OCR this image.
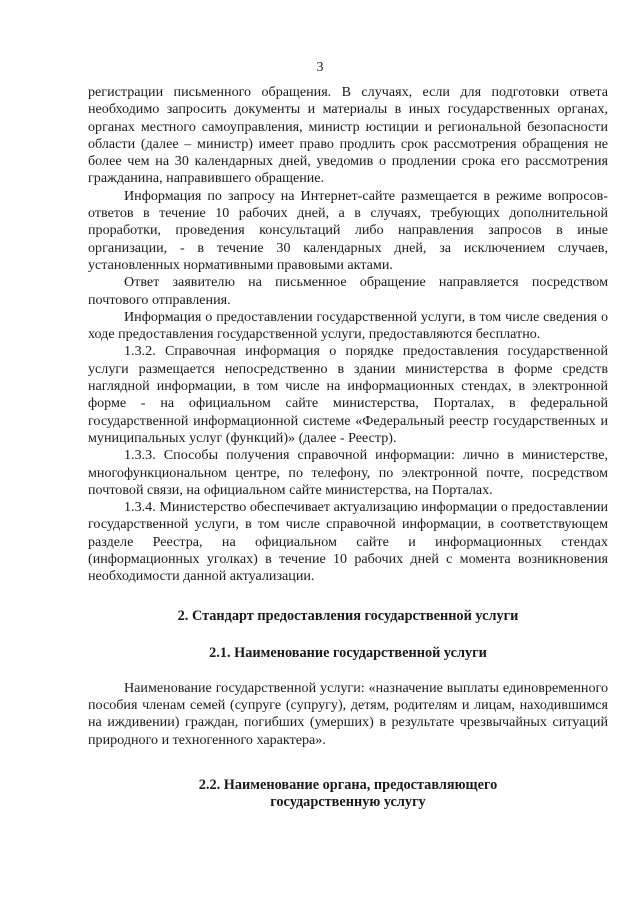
3

регистрации письменного обращения. В случаях, если для подготовки ответа необходимо запросить документы и материалы в иных государственных органах, органах местного самоуправления, министр юстиции и региональной безопасности области (далее – министр) имеет право продлить срок рассмотрения обращения не более чем на 30 календарных дней, уведомив о продлении срока его рассмотрения гражданина, направившего обращение.

Информация по запросу на Интернет-сайте размещается в режиме вопросов-ответов в течение 10 рабочих дней, а в случаях, требующих дополнительной проработки, проведения консультаций либо направления запросов в иные организации, - в течение 30 календарных дней, за исключением случаев, установленных нормативными правовыми актами.

Ответ заявителю на письменное обращение направляется посредством почтового отправления.

Информация о предоставлении государственной услуги, в том числе сведения о ходе предоставления государственной услуги, предоставляются бесплатно.

1.3.2. Справочная информация о порядке предоставления государственной услуги размещается непосредственно в здании министерства в форме средств наглядной информации, в том числе на информационных стендах, в электронной форме - на официальном сайте министерства, Порталах, в федеральной государственной информационной системе «Федеральный реестр государственных и муниципальных услуг (функций)» (далее - Реестр).

1.3.3. Способы получения справочной информации: лично в министерстве, многофункциональном центре, по телефону, по электронной почте, посредством почтовой связи, на официальном сайте министерства, на Порталах.

1.3.4. Министерство обеспечивает актуализацию информации о предоставлении государственной услуги, в том числе справочной информации, в соответствующем разделе Реестра, на официальном сайте и информационных стендах (информационных уголках) в течение 10 рабочих дней с момента возникновения необходимости данной актуализации.

2. Стандарт предоставления государственной услуги

2.1. Наименование государственной услуги

Наименование государственной услуги: «назначение выплаты единовременного пособия членам семей (супруге (супругу), детям, родителям и лицам, находившимся на иждивении) граждан, погибших (умерших) в результате чрезвычайных ситуаций природного и техногенного характера».

2.2. Наименование органа, предоставляющего

государственную услугу
